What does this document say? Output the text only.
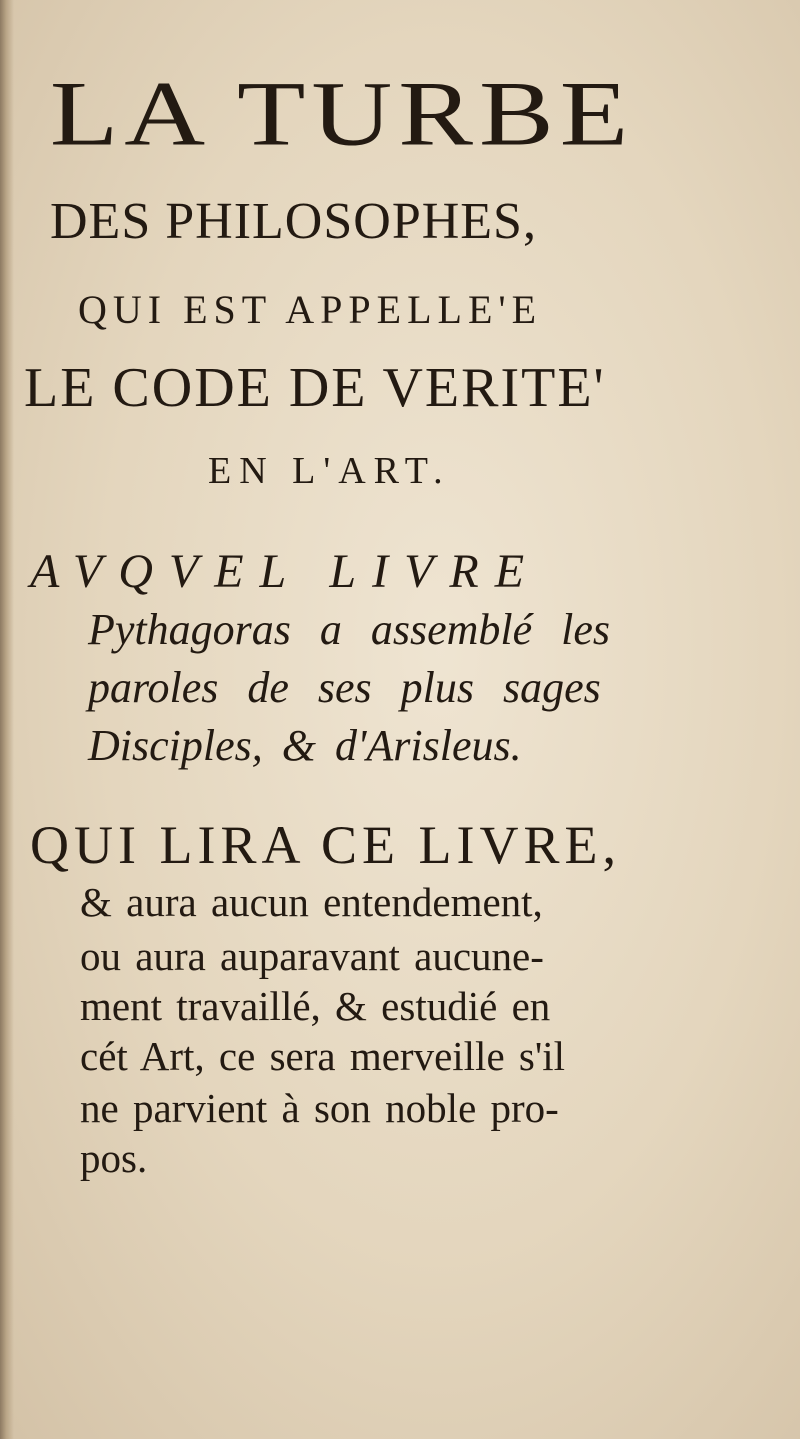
LA TURBE
DES PHILOSOPHES,
QUI EST APPELLE'E
LE CODE DE VERITE'
EN L'ART.
AVQVEL LIVRE
Pythagoras a assemblé les
paroles de ses plus sages
Disciples, & d'Arisleus.
QUI LIRA CE LIVRE,
& aura aucun entendement,
ou aura auparavant aucune-
ment travaillé, & estudié en
cét Art, ce sera merveille s'il
ne parvient à son noble pro-
pos.
